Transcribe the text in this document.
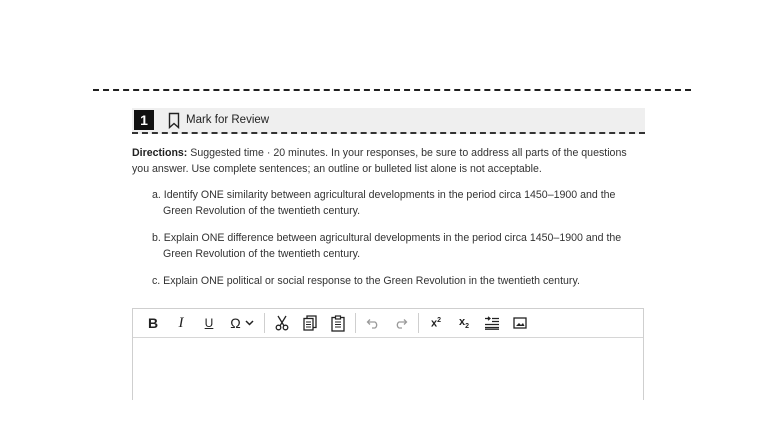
1	Mark for Review

Directions: Suggested time · 20 minutes. In your responses, be sure to address all parts of the questions you answer. Use complete sentences; an outline or bulleted list alone is not acceptable.

a. Identify ONE similarity between agricultural developments in the period circa 1450–1900 and the Green Revolution of the twentieth century.
b. Explain ONE difference between agricultural developments in the period circa 1450–1900 and the Green Revolution of the twentieth century.
c. Explain ONE political or social response to the Green Revolution in the twentieth century.
B I U Ω	$x^2$ $x_2$
